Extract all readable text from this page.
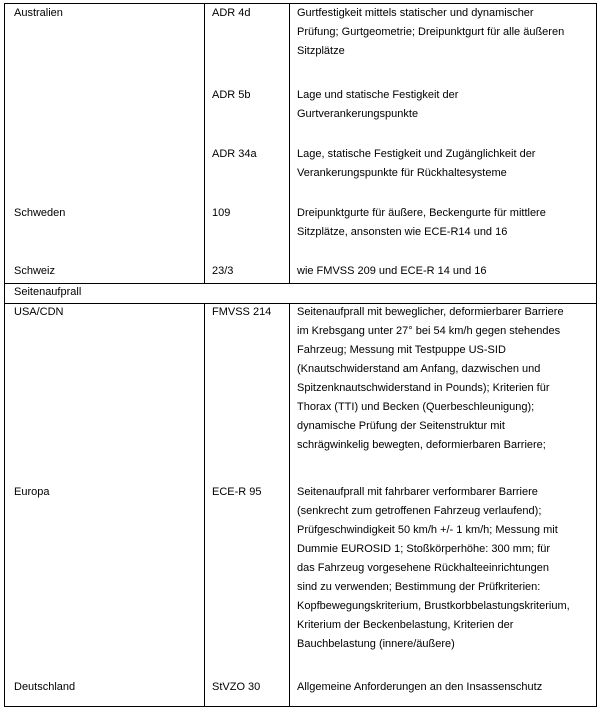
Australien	ADR 4d	Gurtfestigkeit mittels statischer und dynamischer
Prüfung; Gurtgeometrie; Dreipunktgurt für alle äußeren
Sitzplätze
ADR 5b	Lage und statische Festigkeit der
Gurtverankerungspunkte
ADR 34a	Lage, statische Festigkeit und Zugänglichkeit der
Verankerungspunkte für Rückhaltesysteme
Schweden	109	Dreipunktgurte für äußere, Beckengurte für mittlere
Sitzplätze, ansonsten wie ECE-R14 und 16
Schweiz	23/3	wie FMVSS 209 und ECE-R 14 und 16
Seitenaufprall
USA/CDN	FMVSS 214	Seitenaufprall mit beweglicher, deformierbarer Barriere
im Krebsgang unter 27° bei 54 km/h gegen stehendes
Fahrzeug; Messung mit Testpuppe US-SID
(Knautschwiderstand am Anfang, dazwischen und
Spitzenknautschwiderstand in Pounds); Kriterien für
Thorax (TTI) und Becken (Querbeschleunigung);
dynamische Prüfung der Seitenstruktur mit
schrägwinkelig bewegten, deformierbaren Barriere;
Europa	ECE-R 95	Seitenaufprall mit fahrbarer verformbarer Barriere
(senkrecht zum getroffenen Fahrzeug verlaufend);
Prüfgeschwindigkeit 50 km/h +/- 1 km/h; Messung mit
Dummie EUROSID 1; Stoßkörperhöhe: 300 mm; für
das Fahrzeug vorgesehene Rückhalteeinrichtungen
sind zu verwenden; Bestimmung der Prüfkriterien:
Kopfbewegungskriterium, Brustkorbbelastungskriterium,
Kriterium der Beckenbelastung, Kriterien der
Bauchbelastung (innere/äußere)
Deutschland	StVZO 30	Allgemeine Anforderungen an den Insassenschutz
